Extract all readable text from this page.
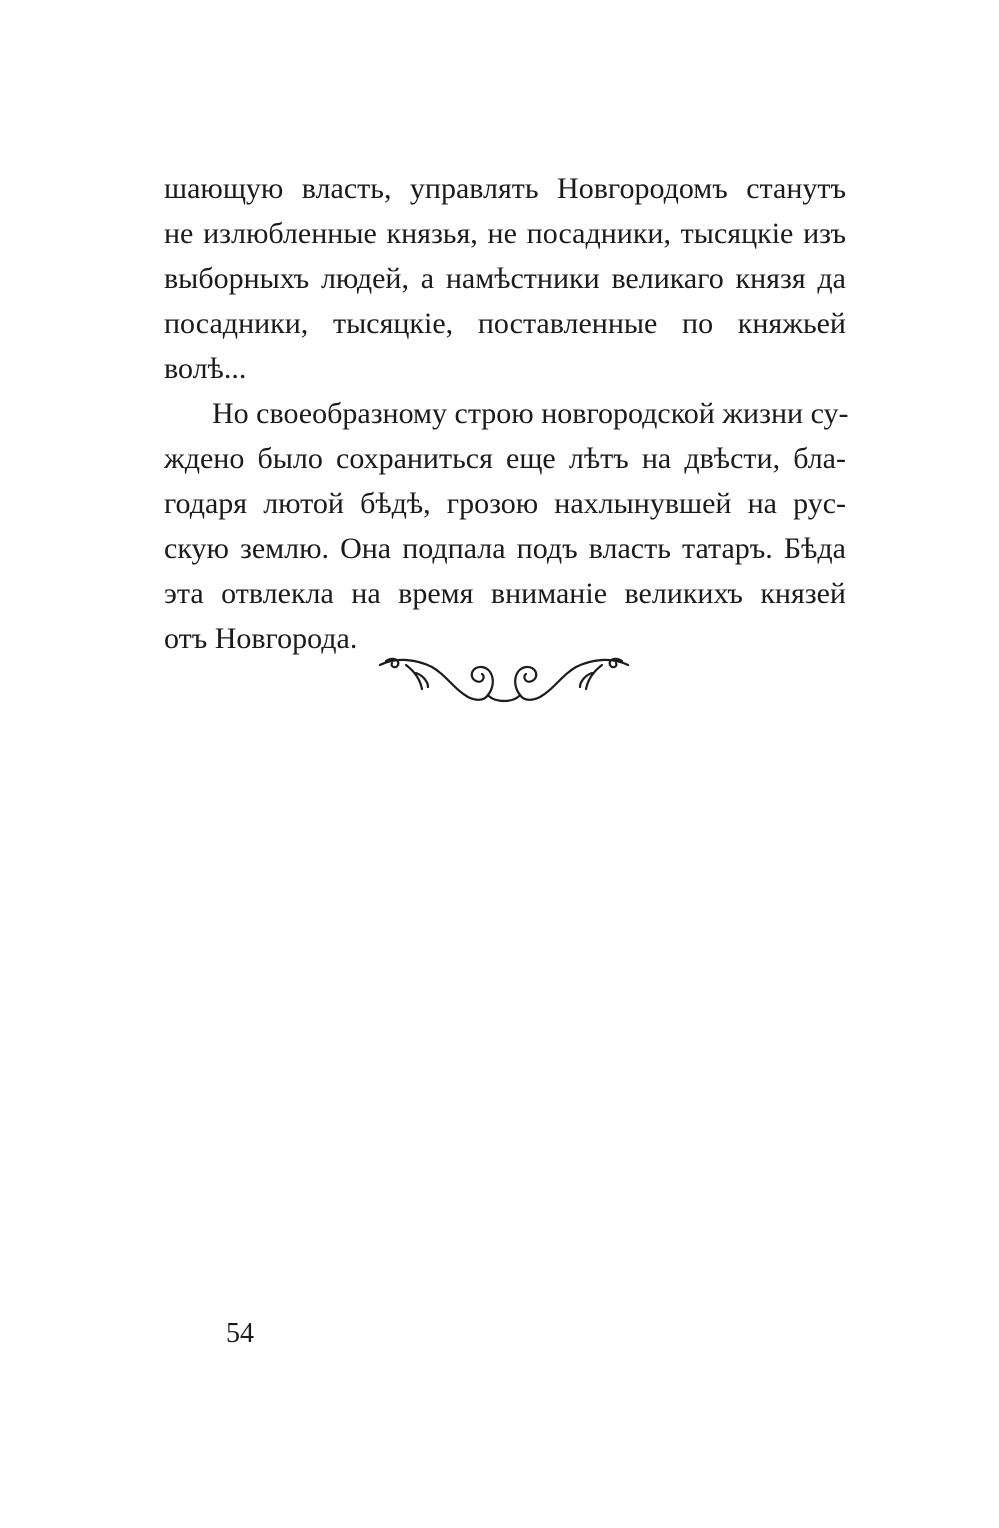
шающую власть, управлять Новгородомъ станутъ
не излюбленные князья, не посадники, тысяцкіе изъ
выборныхъ людей, а намѣстники великаго князя да
посадники, тысяцкіе, поставленные по княжьей
волѣ...
Но своеобразному строю новгородской жизни су-
ждено было сохраниться еще лѣтъ на двѣсти, бла-
годаря лютой бѣдѣ, грозою нахлынувшей на рус-
скую землю. Она подпала подъ власть татаръ. Бѣда
эта отвлекла на время вниманіе великихъ князей
отъ Новгорода.
54
